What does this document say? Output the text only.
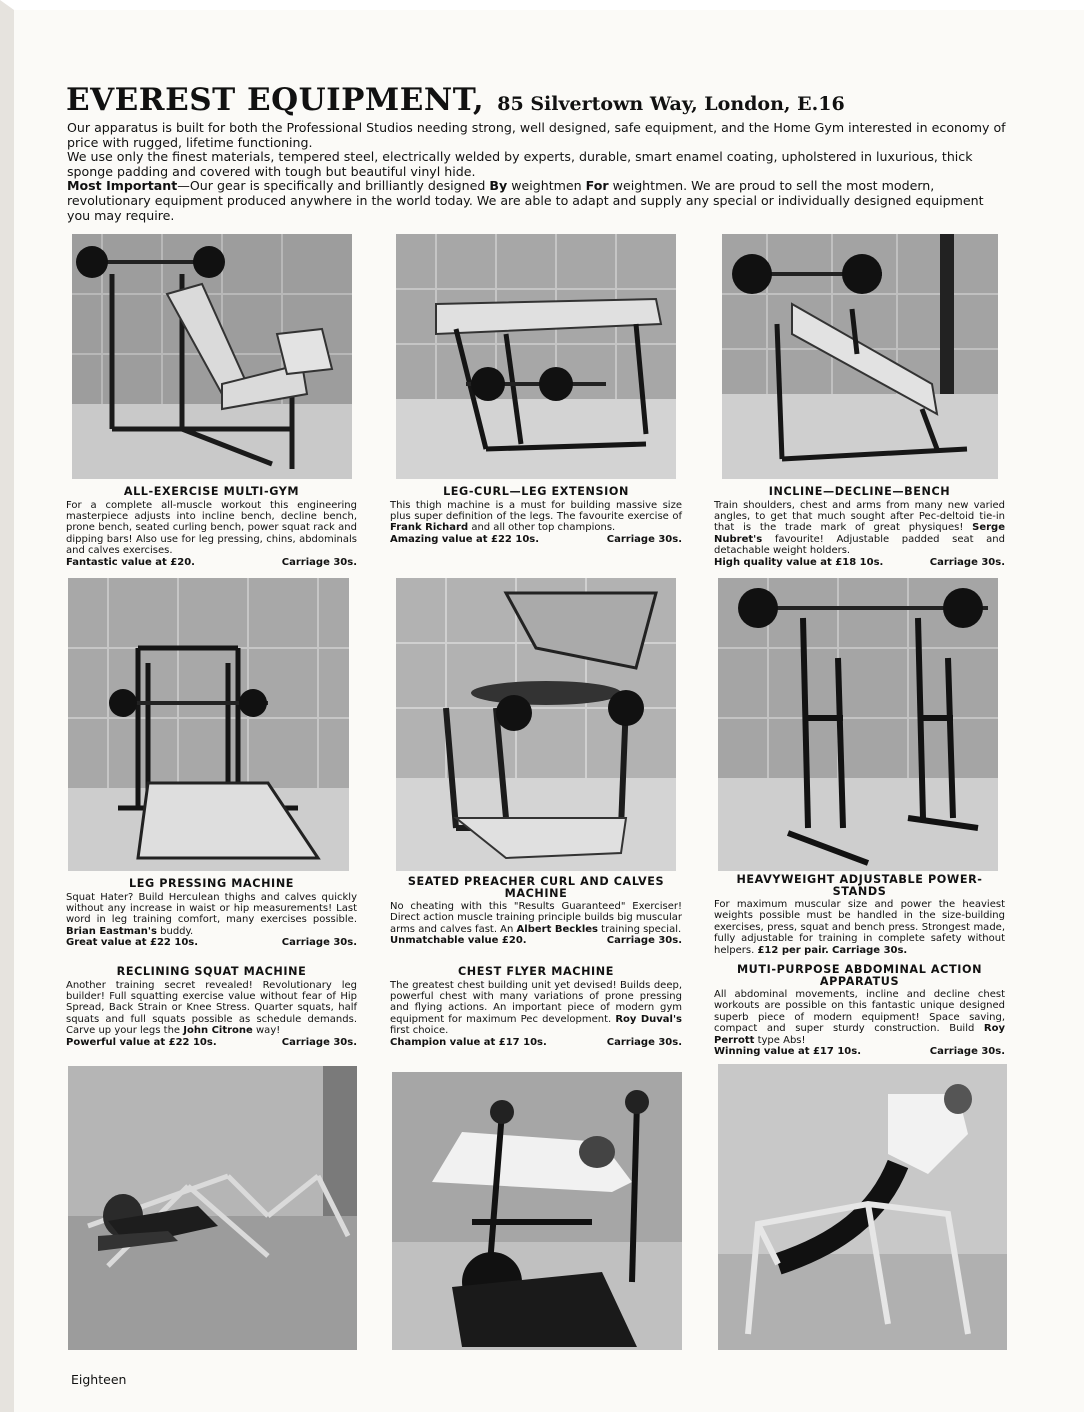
EVEREST EQUIPMENT, 85 Silvertown Way, London, E.16

Our apparatus is built for both the Professional Studios needing strong, well designed, safe equipment, and the Home Gym interested in economy of price with rugged, lifetime functioning.

We use only the finest materials, tempered steel, electrically welded by experts, durable, smart enamel coating, upholstered in luxurious, thick sponge padding and covered with tough but beautiful vinyl hide.

Most Important—Our gear is specifically and brilliantly designed By weightmen For weightmen. We are proud to sell the most modern, revolutionary equipment produced anywhere in the world today. We are able to adapt and supply any special or individually designed equipment you may require.

ALL-EXERCISE MULTI-GYM

For a complete all-muscle workout this engineering masterpiece adjusts into incline bench, decline bench, prone bench, seated curling bench, power squat rack and dipping bars! Also use for leg pressing, chins, abdominals and calves exercises.

Fantastic value at £20.	Carriage 30s.

LEG-CURL—LEG EXTENSION

This thigh machine is a must for building massive size plus super definition of the legs. The favourite exercise of Frank Richard and all other top champions.

Amazing value at £22 10s.	Carriage 30s.

INCLINE—DECLINE—BENCH

Train shoulders, chest and arms from many new varied angles, to get that much sought after Pec-deltoid tie-in that is the trade mark of great physiques! Serge Nubret's favourite! Adjustable padded seat and detachable weight holders.

High quality value at £18 10s.	Carriage 30s.

LEG PRESSING MACHINE

Squat Hater? Build Herculean thighs and calves quickly without any increase in waist or hip measurements! Last word in leg training comfort, many exercises possible. Brian Eastman's buddy.

Great value at £22 10s.	Carriage 30s.

SEATED PREACHER CURL AND CALVES MACHINE

No cheating with this "Results Guaranteed" Exerciser! Direct action muscle training principle builds big muscular arms and calves fast. An Albert Beckles training special.

Unmatchable value £20.	Carriage 30s.

HEAVYWEIGHT ADJUSTABLE POWER-STANDS

For maximum muscular size and power the heaviest weights possible must be handled in the size-building exercises, press, squat and bench press. Strongest made, fully adjustable for training in complete safety without helpers. £12 per pair. Carriage 30s.

RECLINING SQUAT MACHINE

Another training secret revealed! Revolutionary leg builder! Full squatting exercise value without fear of Hip Spread, Back Strain or Knee Stress. Quarter squats, half squats and full squats possible as schedule demands. Carve up your legs the John Citrone way!

Powerful value at £22 10s.	Carriage 30s.

CHEST FLYER MACHINE

The greatest chest building unit yet devised! Builds deep, powerful chest with many variations of prone pressing and flying actions. An important piece of modern gym equipment for maximum Pec development. Roy Duval's first choice.

Champion value at £17 10s.	Carriage 30s.

MUTI-PURPOSE ABDOMINAL ACTION APPARATUS

All abdominal movements, incline and decline chest workouts are possible on this fantastic unique designed superb piece of modern equipment! Space saving, compact and super sturdy construction. Build Roy Perrott type Abs!

Winning value at £17 10s.	Carriage 30s.

Eighteen
